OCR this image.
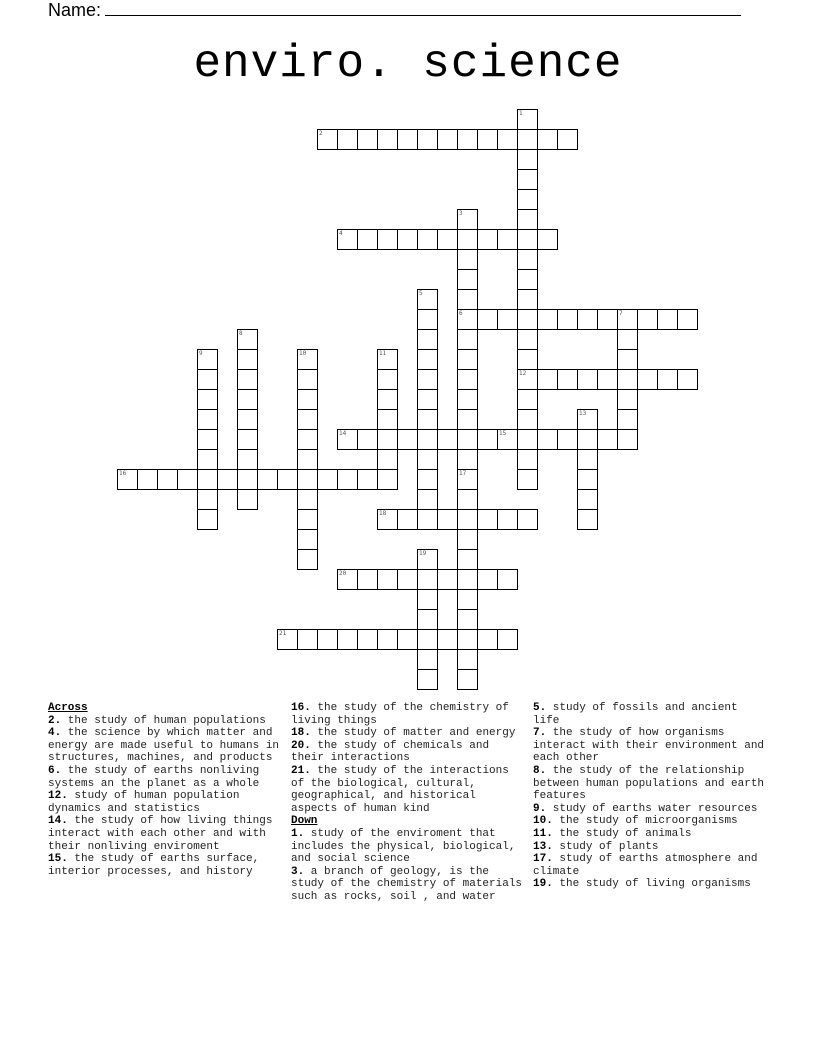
Name:
enviro. science
1
12
2
3
6
4
5
7
8
9	10	11
13
14	15
16	17
18
19
20
21
Across
2. the study of human populations
4. the science by which matter and energy are made useful to humans in structures, machines, and products
6. the study of earths nonliving systems an the planet as a whole
12. study of human population dynamics and statistics
14. the study of how living things interact with each other and with their nonliving enviroment
15. the study of earths surface, interior processes, and history
16. the study of the chemistry of living things
18. the study of matter and energy
20. the study of chemicals and their interactions
21. the study of the interactions of the biological, cultural, geographical, and historical aspects of human kind
Down
1. study of the enviroment that includes the physical, biological, and social science
3. a branch of geology, is the study of the chemistry of materials such as rocks, soil , and water
5. study of fossils and ancient life
7. the study of how organisms interact with their environment and each other
8. the study of the relationship between human populations and earth features
9. study of earths water resources
10. the study of microorganisms
11. the study of animals
13. study of plants
17. study of earths atmosphere and climate
19. the study of living organisms
